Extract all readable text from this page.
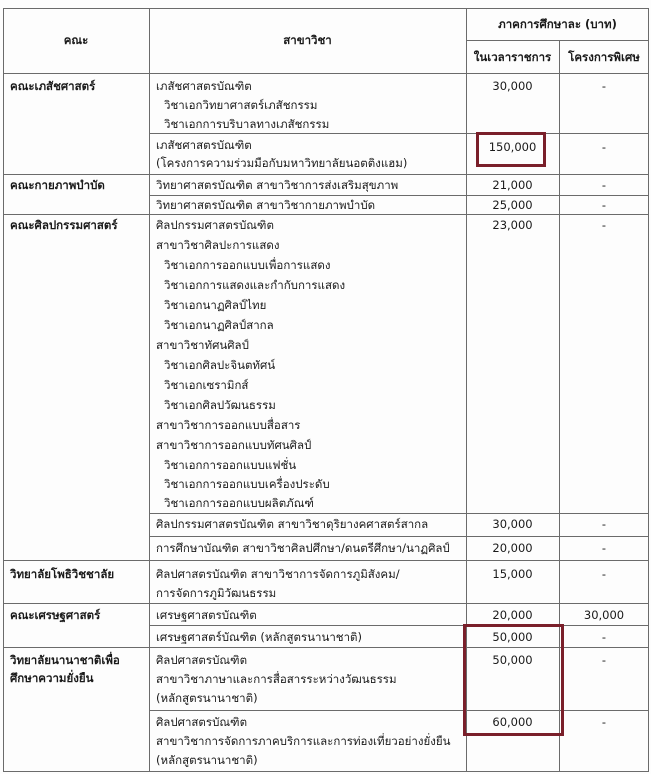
คณะ	สาขาวิชา
ภาคการศึกษาละ (บาท)
ในเวลาราชการ	โครงการพิเศษ
คณะเภสัชศาสตร์	เภสัชศาสตรบัณฑิต
วิชาเอกวิทยาศาสตร์เภสัชกรรม
วิชาเอกการบริบาลทางเภสัชกรรม
30,000	-
เภสัชศาสตรบัณฑิต
(โครงการความร่วมมือกับมหาวิทยาลัยนอตติงแฮม)
150,000	-
คณะกายภาพบำบัด	วิทยาศาสตรบัณฑิต สาขาวิชาการส่งเสริมสุขภาพ	21,000	-
วิทยาศาสตรบัณฑิต สาขาวิชากายภาพบำบัด	25,000	-
คณะศิลปกรรมศาสตร์	ศิลปกรรมศาสตรบัณฑิต
สาขาวิชาศิลปะการแสดง
วิชาเอกการออกแบบเพื่อการแสดง
วิชาเอกการแสดงและกำกับการแสดง
วิชาเอกนาฏศิลป์ไทย
วิชาเอกนาฏศิลป์สากล
สาขาวิชาทัศนศิลป์
วิชาเอกศิลปะจินตทัศน์
วิชาเอกเซรามิกส์
วิชาเอกศิลปวัฒนธรรม
สาขาวิชาการออกแบบสื่อสาร
สาขาวิชาการออกแบบทัศนศิลป์
วิชาเอกการออกแบบแฟชั่น
วิชาเอกการออกแบบเครื่องประดับ
วิชาเอกการออกแบบผลิตภัณฑ์
23,000	-
ศิลปกรรมศาสตรบัณฑิต สาขาวิชาดุริยางคศาสตร์สากล	30,000	-
การศึกษาบัณฑิต สาขาวิชาศิลปศึกษา/ดนตรีศึกษา/นาฏศิลป์	20,000	-
วิทยาลัยโพธิวิชชาลัย	ศิลปศาสตรบัณฑิต สาขาวิชาการจัดการภูมิสังคม/
การจัดการภูมิวัฒนธรรม
15,000	-
คณะเศรษฐศาสตร์	เศรษฐศาสตรบัณฑิต	20,000	30,000
เศรษฐศาสตร์บัณฑิต (หลักสูตรนานาชาติ)	50,000	-
วิทยาลัยนานาชาติเพื่อ
ศึกษาความยั่งยืน
ศิลปศาสตรบัณฑิต
สาขาวิชาภาษาและการสื่อสารระหว่างวัฒนธรรม
(หลักสูตรนานาชาติ)
50,000	-
ศิลปศาสตรบัณฑิต
สาขาวิชาการจัดการภาคบริการและการท่องเที่ยวอย่างยั่งยืน
(หลักสูตรนานาชาติ)
60,000	-
